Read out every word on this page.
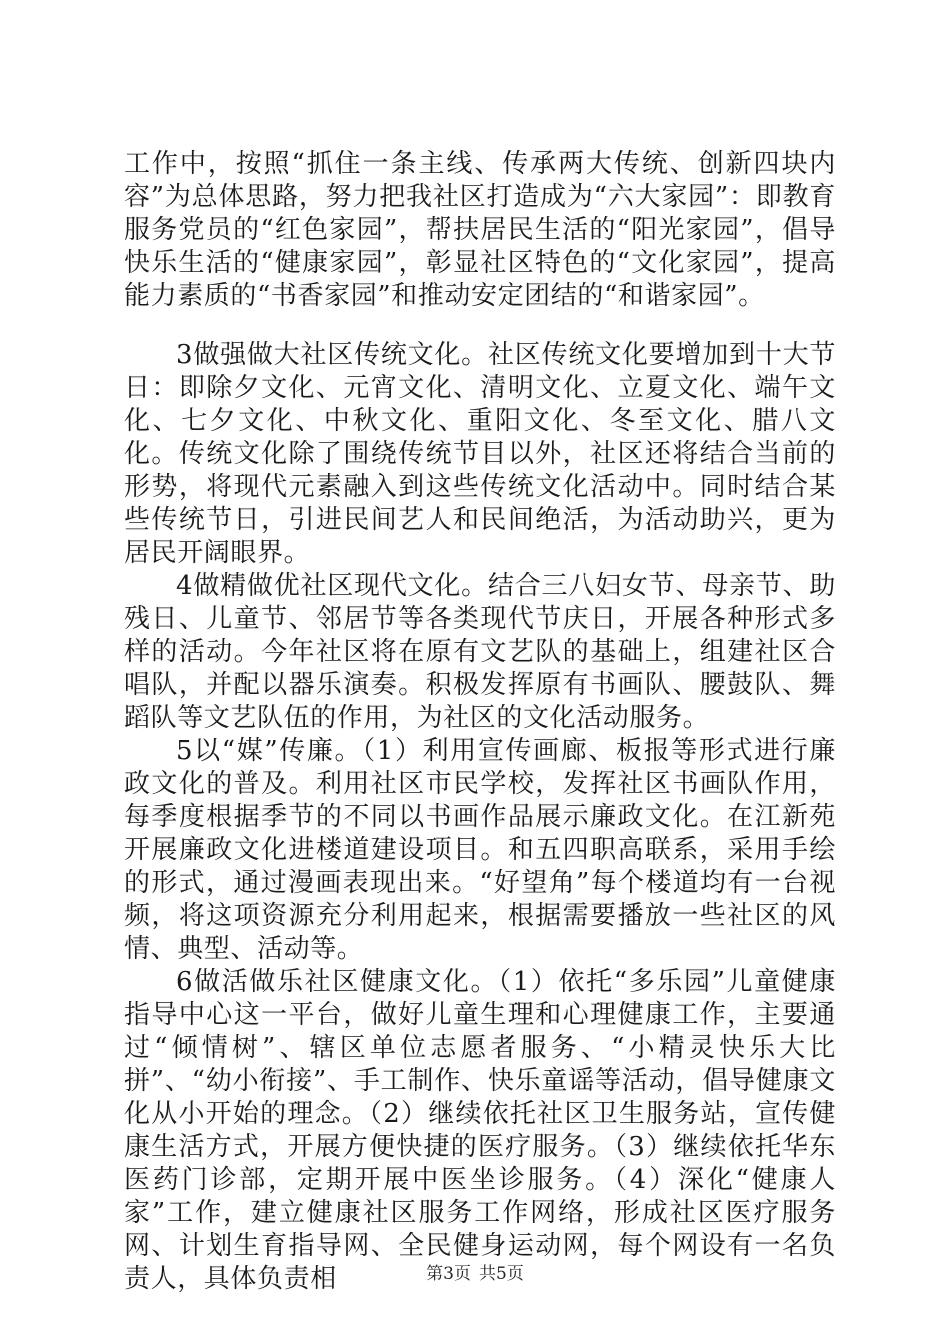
工作中，按照“抓住一条主线、传承两大传统、创新四块内容”为总体思路，努力把我社区打造成为“六大家园”：即教育服务党员的“红色家园”，帮扶居民生活的“阳光家园”，倡导快乐生活的“健康家园”，彰显社区特色的“文化家园”，提高能力素质的“书香家园”和推动安定团结的“和谐家园”。

3做强做大社区传统文化。社区传统文化要增加到十大节日：即除夕文化、元宵文化、清明文化、立夏文化、端午文化、七夕文化、中秋文化、重阳文化、冬至文化、腊八文化。传统文化除了围绕传统节目以外，社区还将结合当前的形势，将现代元素融入到这些传统文化活动中。同时结合某些传统节日，引进民间艺人和民间绝活，为活动助兴，更为居民开阔眼界。

4做精做优社区现代文化。结合三八妇女节、母亲节、助残日、儿童节、邻居节等各类现代节庆日，开展各种形式多样的活动。今年社区将在原有文艺队的基础上，组建社区合唱队，并配以器乐演奏。积极发挥原有书画队、腰鼓队、舞蹈队等文艺队伍的作用，为社区的文化活动服务。

5以“媒”传廉。（1）利用宣传画廊、板报等形式进行廉政文化的普及。利用社区市民学校，发挥社区书画队作用，每季度根据季节的不同以书画作品展示廉政文化。在江新苑开展廉政文化进楼道建设项目。和五四职高联系，采用手绘的形式，通过漫画表现出来。“好望角”每个楼道均有一台视频，将这项资源充分利用起来，根据需要播放一些社区的风情、典型、活动等。

6做活做乐社区健康文化。（1）依托“多乐园”儿童健康指导中心这一平台，做好儿童生理和心理健康工作，主要通过“倾情树”、辖区单位志愿者服务、“小精灵快乐大比拼”、“幼小衔接”、手工制作、快乐童谣等活动，倡导健康文化从小开始的理念。（2）继续依托社区卫生服务站，宣传健康生活方式，开展方便快捷的医疗服务。（3）继续依托华东医药门诊部，定期开展中医坐诊服务。（4）深化“健康人家”工作，建立健康社区服务工作网络，形成社区医疗服务网、计划生育指导网、全民健身运动网，每个网设有一名负责人，具体负责相	第3页 共5页
